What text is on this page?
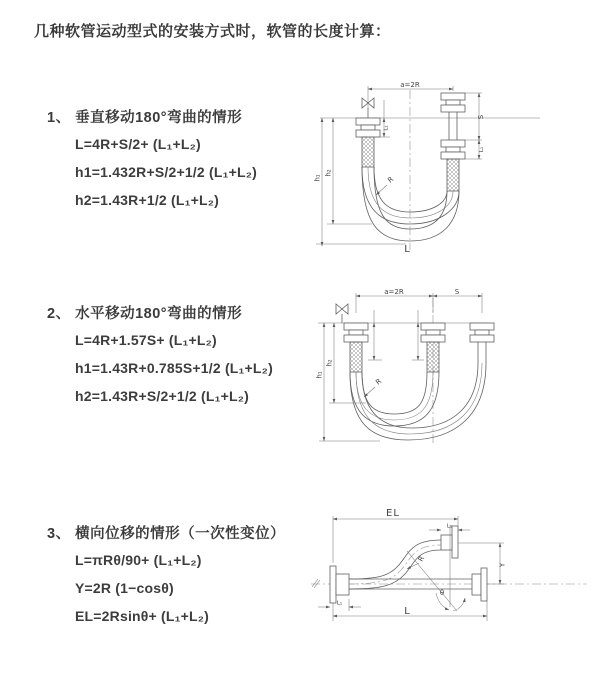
几种软管运动型式的安装方式时，软管的长度计算：
1、 垂直移动180°弯曲的情形
L=4R+S/2+ (L₁+L₂)
h1=1.432R+S/2+1/2 (L₁+L₂)
h2=1.43R+1/2 (L₁+L₂)
2、 水平移动180°弯曲的情形
L=4R+1.57S+ (L₁+L₂)
h1=1.43R+0.785S+1/2 (L₁+L₂)
h2=1.43R+S/2+1/2 (L₁+L₂)
3、 横向位移的情形（一次性变位）
L=πRθ/90+ (L₁+L₂)
Y=2R (1−cosθ)
EL=2Rsinθ+ (L₁+L₂)
a=2R
h₁
h₂
L₁
S
L₁
R
L
a=2R	S
h₁
h₂
R
EL
L₁
Y
θ
R
L
L₁
